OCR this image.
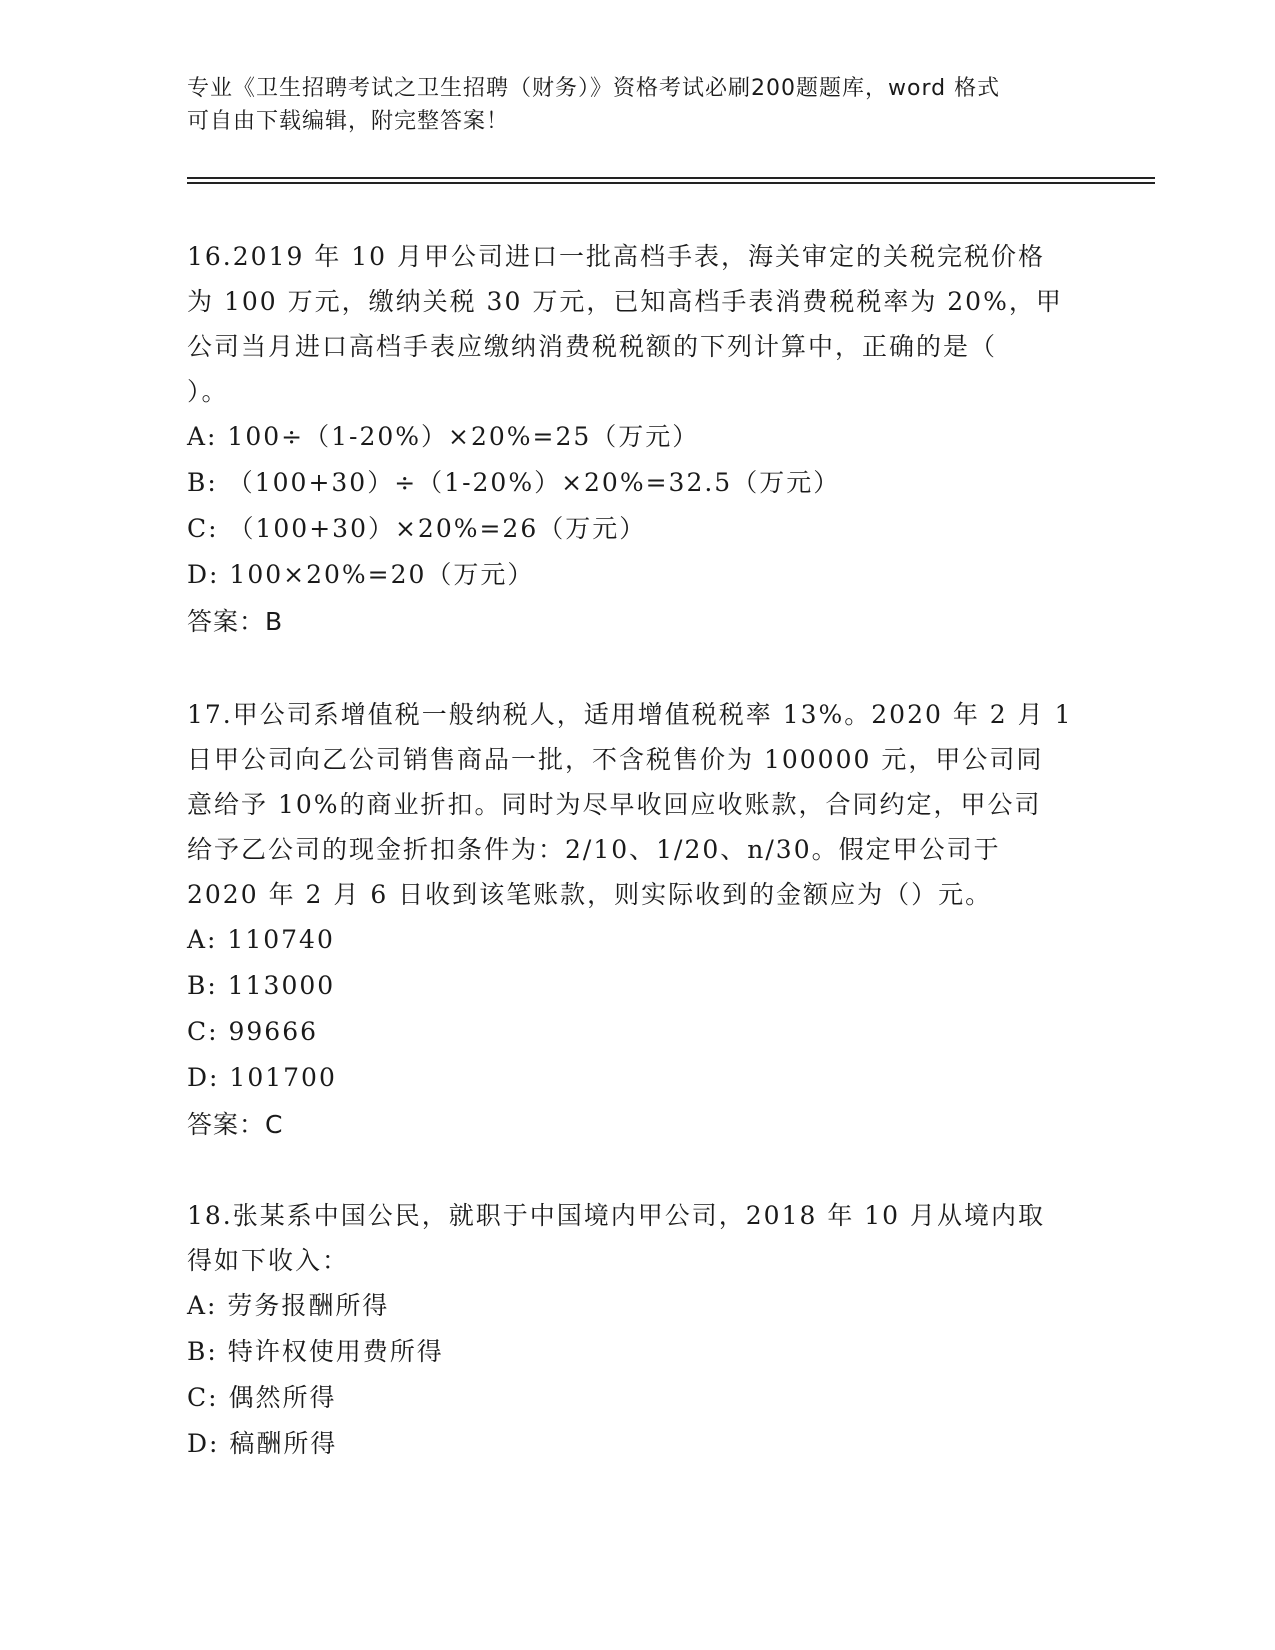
专业《卫生招聘考试之卫生招聘（财务）》资格考试必刷200题题库，word 格式
可自由下载编辑，附完整答案！
16.2019 年 10 月甲公司进口一批高档手表，海关审定的关税完税价格
为 100 万元，缴纳关税 30 万元，已知高档手表消费税税率为 20%，甲
公司当月进口高档手表应缴纳消费税税额的下列计算中，正确的是（
）。
A: 100÷（1-20%）×20%=25（万元）
B: （100+30）÷（1-20%）×20%=32.5（万元）
C: （100+30）×20%=26（万元）
D: 100×20%=20（万元）
答案：B
17.甲公司系增值税一般纳税人，适用增值税税率 13%。2020 年 2 月 1
日甲公司向乙公司销售商品一批，不含税售价为 100000 元，甲公司同
意给予 10%的商业折扣。同时为尽早收回应收账款，合同约定，甲公司
给予乙公司的现金折扣条件为：2/10、1/20、n/30。假定甲公司于
2020 年 2 月 6 日收到该笔账款，则实际收到的金额应为（）元。
A: 110740
B: 113000
C: 99666
D: 101700
答案：C
18.张某系中国公民，就职于中国境内甲公司，2018 年 10 月从境内取
得如下收入：
A: 劳务报酬所得
B: 特许权使用费所得
C: 偶然所得
D: 稿酬所得
